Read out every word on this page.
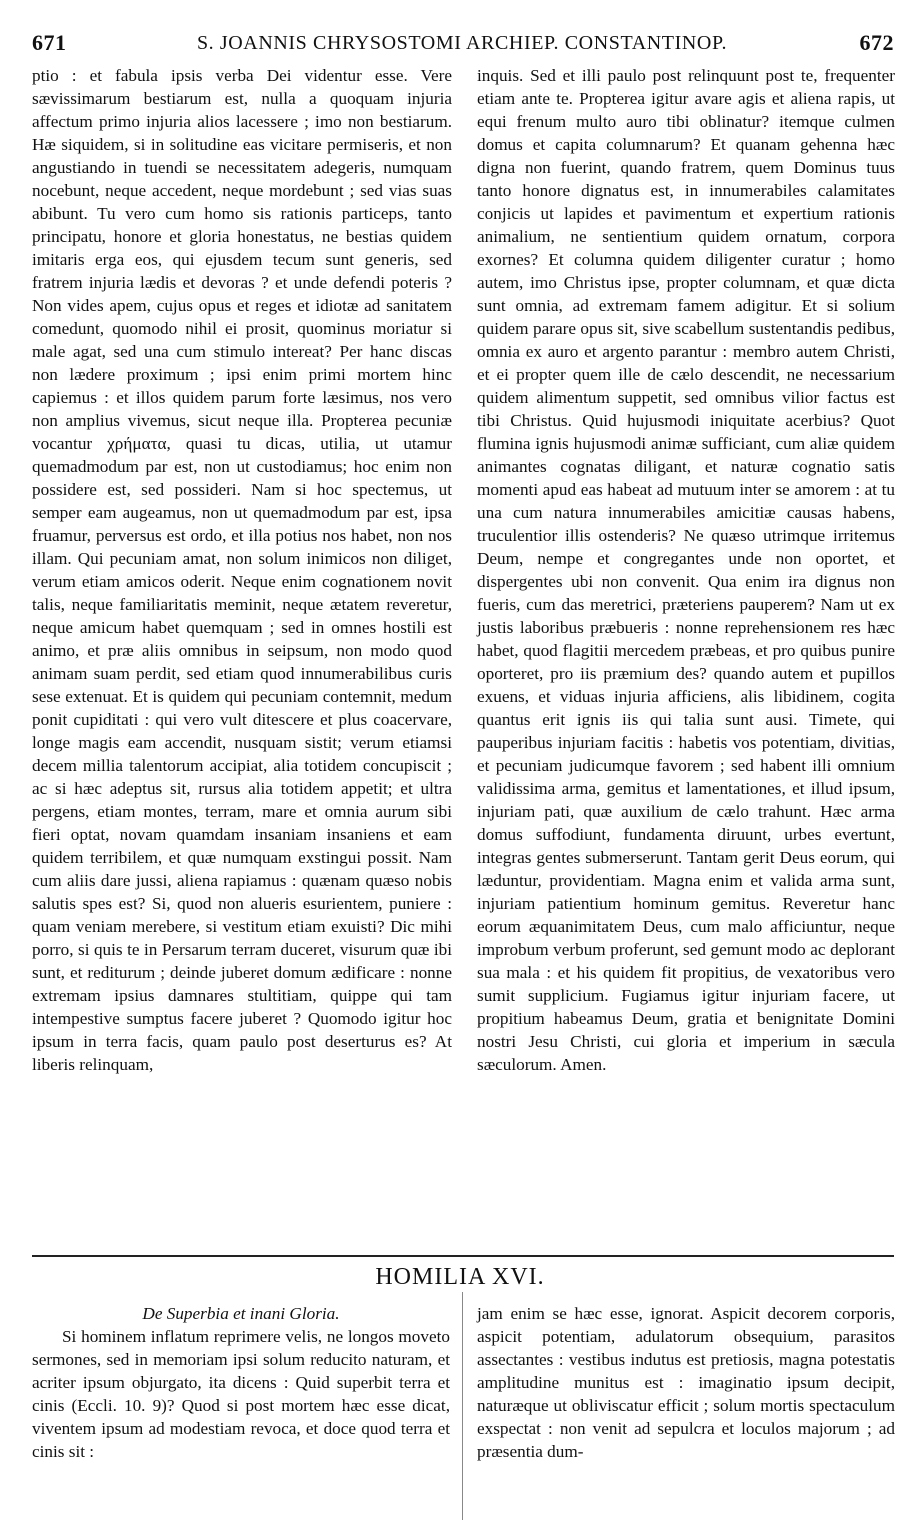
671	S. JOANNIS CHRYSOSTOMI ARCHIEP. CONSTANTINOP.	672

ptio : et fabula ipsis verba Dei videntur esse. Vere sævissimarum bestiarum est, nulla a quoquam injuria affectum primo injuria alios lacessere ; imo non bestiarum. Hæ siquidem, si in solitudine eas vicitare permiseris, et non angustiando in tuendi se necessitatem adegeris, numquam nocebunt, neque accedent, neque mordebunt ; sed vias suas abibunt. Tu vero cum homo sis rationis particeps, tanto principatu, honore et gloria honestatus, ne bestias quidem imitaris erga eos, qui ejusdem tecum sunt generis, sed fratrem injuria lædis et devoras ? et unde defendi poteris ? Non vides apem, cujus opus et reges et idiotæ ad sanitatem comedunt, quomodo nihil ei prosit, quominus moriatur si male agat, sed una cum stimulo intereat? Per hanc discas non lædere proximum ; ipsi enim primi mortem hinc capiemus : et illos quidem parum forte læsimus, nos vero non amplius vivemus, sicut neque illa. Propterea pecuniæ vocantur χρήματα, quasi tu dicas, utilia, ut utamur quemadmodum par est, non ut custodiamus; hoc enim non possidere est, sed possideri. Nam si hoc spectemus, ut semper eam augeamus, non ut quemadmodum par est, ipsa fruamur, perversus est ordo, et illa potius nos habet, non nos illam. Qui pecuniam amat, non solum inimicos non diliget, verum etiam amicos oderit. Neque enim cognationem novit talis, neque familiaritatis meminit, neque ætatem reveretur, neque amicum habet quemquam ; sed in omnes hostili est animo, et præ aliis omnibus in seipsum, non modo quod animam suam perdit, sed etiam quod innumerabilibus curis sese extenuat. Et is quidem qui pecuniam contemnit, medum ponit cupiditati : qui vero vult ditescere et plus coacervare, longe magis eam accendit, nusquam sistit; verum etiamsi decem millia talentorum accipiat, alia totidem concupiscit ; ac si hæc adeptus sit, rursus alia totidem appetit; et ultra pergens, etiam montes, terram, mare et omnia aurum sibi fieri optat, novam quamdam insaniam insaniens et eam quidem terribilem, et quæ numquam exstingui possit. Nam cum aliis dare jussi, aliena rapiamus : quænam quæso nobis salutis spes est? Si, quod non alueris esurientem, puniere : quam veniam merebere, si vestitum etiam exuisti? Dic mihi porro, si quis te in Persarum terram duceret, visurum quæ ibi sunt, et rediturum ; deinde juberet domum ædificare : nonne extremam ipsius damnares stultitiam, quippe qui tam intempestive sumptus facere juberet ? Quomodo igitur hoc ipsum in terra facis, quam paulo post deserturus es? At liberis relinquam,

inquis. Sed et illi paulo post relinquunt post te, frequenter etiam ante te. Propterea igitur avare agis et aliena rapis, ut equi frenum multo auro tibi oblinatur? itemque culmen domus et capita columnarum? Et quanam gehenna hæc digna non fuerint, quando fratrem, quem Dominus tuus tanto honore dignatus est, in innumerabiles calamitates conjicis ut lapides et pavimentum et expertium rationis animalium, ne sentientium quidem ornatum, corpora exornes? Et columna quidem diligenter curatur ; homo autem, imo Christus ipse, propter columnam, et quæ dicta sunt omnia, ad extremam famem adigitur. Et si solium quidem parare opus sit, sive scabellum sustentandis pedibus, omnia ex auro et argento parantur : membro autem Christi, et ei propter quem ille de cælo descendit, ne necessarium quidem alimentum suppetit, sed omnibus vilior factus est tibi Christus. Quid hujusmodi iniquitate acerbius? Quot flumina ignis hujusmodi animæ sufficiant, cum aliæ quidem animantes cognatas diligant, et naturæ cognatio satis momenti apud eas habeat ad mutuum inter se amorem : at tu una cum natura innumerabiles amicitiæ causas habens, truculentior illis ostenderis? Ne quæso utrimque irritemus Deum, nempe et congregantes unde non oportet, et dispergentes ubi non convenit. Qua enim ira dignus non fueris, cum das meretrici, præteriens pauperem? Nam ut ex justis laboribus præbueris : nonne reprehensionem res hæc habet, quod flagitii mercedem præbeas, et pro quibus punire oporteret, pro iis præmium des? quando autem et pupillos exuens, et viduas injuria afficiens, alis libidinem, cogita quantus erit ignis iis qui talia sunt ausi. Timete, qui pauperibus injuriam facitis : habetis vos potentiam, divitias, et pecuniam judicumque favorem ; sed habent illi omnium validissima arma, gemitus et lamentationes, et illud ipsum, injuriam pati, quæ auxilium de cælo trahunt. Hæc arma domus suffodiunt, fundamenta diruunt, urbes evertunt, integras gentes submerserunt. Tantam gerit Deus eorum, qui læduntur, providentiam. Magna enim et valida arma sunt, injuriam patientium hominum gemitus. Reveretur hanc eorum æquanimitatem Deus, cum malo afficiuntur, neque improbum verbum proferunt, sed gemunt modo ac deplorant sua mala : et his quidem fit propitius, de vexatoribus vero sumit supplicium. Fugiamus igitur injuriam facere, ut propitium habeamus Deum, gratia et benignitate Domini nostri Jesu Christi, cui gloria et imperium in sæcula sæculorum. Amen.

HOMILIA XVI.

De Superbia et inani Gloria.

Si hominem inflatum reprimere velis, ne longos moveto sermones, sed in memoriam ipsi solum reducito naturam, et acriter ipsum objurgato, ita dicens : Quid superbit terra et cinis (Eccli. 10. 9)? Quod si post mortem hæc esse dicat, viventem ipsum ad modestiam revoca, et doce quod terra et cinis sit :

jam enim se hæc esse, ignorat. Aspicit decorem corporis, aspicit potentiam, adulatorum obsequium, parasitos assectantes : vestibus indutus est pretiosis, magna potestatis amplitudine munitus est : imaginatio ipsum decipit, naturæque ut obliviscatur efficit ; solum mortis spectaculum exspectat : non venit ad sepulcra et loculos majorum ; ad præsentia dum-
